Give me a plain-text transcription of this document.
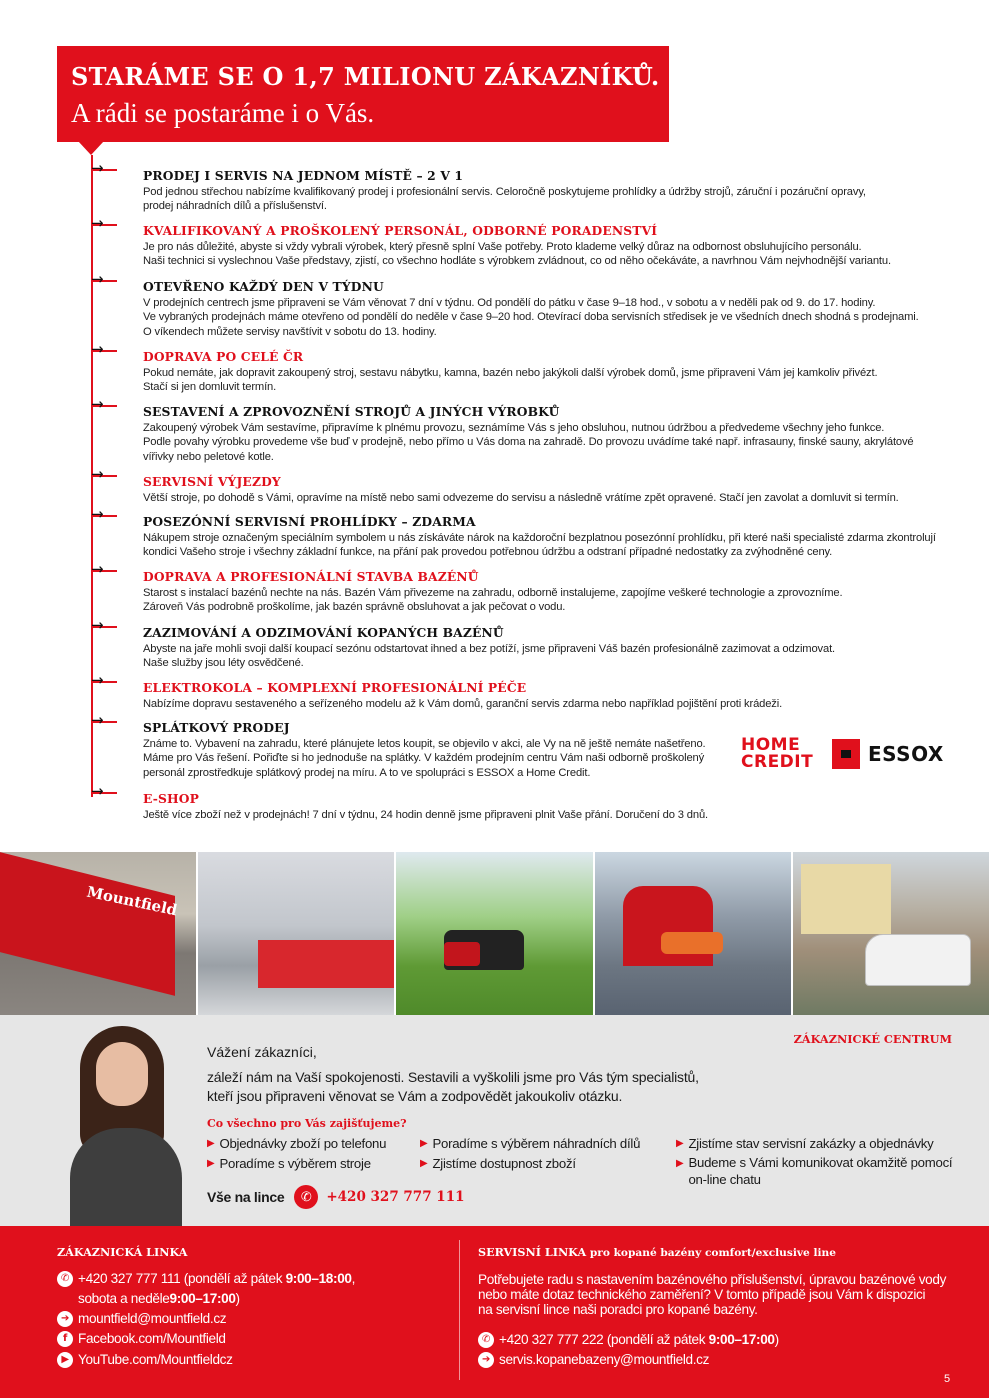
STARÁME SE O 1,7 MILIONU ZÁKAZNÍKŮ.
A rádi se postaráme i o Vás.
→	PRODEJ I SERVIS NA JEDNOM MÍSTĚ – 2 V 1
Pod jednou střechou nabízíme kvalifikovaný prodej i profesionální servis. Celoročně poskytujeme prohlídky a údržby strojů, záruční i pozáruční opravy,
prodej náhradních dílů a příslušenství.
→	KVALIFIKOVANÝ A PROŠKOLENÝ PERSONÁL, ODBORNÉ PORADENSTVÍ
Je pro nás důležité, abyste si vždy vybrali výrobek, který přesně splní Vaše potřeby. Proto klademe velký důraz na odbornost obsluhujícího personálu.
Naši technici si vyslechnou Vaše představy, zjistí, co všechno hodláte s výrobkem zvládnout, co od něho očekáváte, a navrhnou Vám nejvhodnější variantu.
→	OTEVŘENO KAŽDÝ DEN V TÝDNU
V prodejních centrech jsme připraveni se Vám věnovat 7 dní v týdnu. Od pondělí do pátku v čase 9–18 hod., v sobotu a v neděli pak od 9. do 17. hodiny.
Ve vybraných prodejnách máme otevřeno od pondělí do neděle v čase 9–20 hod. Otevírací doba servisních středisek je ve všedních dnech shodná s prodejnami.
O víkendech můžete servisy navštívit v sobotu do 13. hodiny.
→	DOPRAVA PO CELÉ ČR
Pokud nemáte, jak dopravit zakoupený stroj, sestavu nábytku, kamna, bazén nebo jakýkoli další výrobek domů, jsme připraveni Vám jej kamkoliv přivézt.
Stačí si jen domluvit termín.
→	SESTAVENÍ A ZPROVOZNĚNÍ STROJŮ A JINÝCH VÝROBKŮ
Zakoupený výrobek Vám sestavíme, připravíme k plnému provozu, seznámíme Vás s jeho obsluhou, nutnou údržbou a předvedeme všechny jeho funkce.
Podle povahy výrobku provedeme vše buď v prodejně, nebo přímo u Vás doma na zahradě. Do provozu uvádíme také např. infrasauny, finské sauny, akrylátové
vířivky nebo peletové kotle.
→	SERVISNÍ VÝJEZDY
Větší stroje, po dohodě s Vámi, opravíme na místě nebo sami odvezeme do servisu a následně vrátíme zpět opravené. Stačí jen zavolat a domluvit si termín.
→	POSEZÓNNÍ SERVISNÍ PROHLÍDKY – ZDARMA
Nákupem stroje označeným speciálním symbolem u nás získáváte nárok na každoroční bezplatnou posezónní prohlídku, při které naši specialisté zdarma zkontrolují
kondici Vašeho stroje i všechny základní funkce, na přání pak provedou potřebnou údržbu a odstraní případné nedostatky za zvýhodněné ceny.
→	DOPRAVA A PROFESIONÁLNÍ STAVBA BAZÉNŮ
Starost s instalací bazénů nechte na nás. Bazén Vám přivezeme na zahradu, odborně instalujeme, zapojíme veškeré technologie a zprovozníme.
Zároveň Vás podrobně proškolíme, jak bazén správně obsluhovat a jak pečovat o vodu.
→	ZAZIMOVÁNÍ A ODZIMOVÁNÍ KOPANÝCH BAZÉNŮ
Abyste na jaře mohli svoji další koupací sezónu odstartovat ihned a bez potíží, jsme připraveni Váš bazén profesionálně zazimovat a odzimovat.
Naše služby jsou léty osvědčené.
→	ELEKTROKOLA – KOMPLEXNÍ PROFESIONÁLNÍ PÉČE
Nabízíme dopravu sestaveného a seřízeného modelu až k Vám domů, garanční servis zdarma nebo například pojištění proti krádeži.
→	SPLÁTKOVÝ PRODEJ
Známe to. Vybavení na zahradu, které plánujete letos koupit, se objevilo v akci, ale Vy na ně ještě nemáte našetřeno.
Máme pro Vás řešení. Pořiďte si ho jednoduše na splátky. V každém prodejním centru Vám naši odborně proškolený
personál zprostředkuje splátkový prodej na míru. A to ve spolupráci s ESSOX a Home Credit.
→	E-SHOP
Ještě více zboží než v prodejnách! 7 dní v týdnu, 24 hodin denně jsme připraveni plnit Vaše přání. Doručení do 3 dnů.
HOME
CREDIT	ESSOX
Mountfield
ZÁKAZNICKÉ CENTRUM
Vážení zákazníci,
záleží nám na Vaší spokojenosti. Sestavili a vyškolili jsme pro Vás tým specialistů,
kteří jsou připraveni věnovat se Vám a zodpovědět jakoukoliv otázku.
Co všechno pro Vás zajišťujeme?
▶ Objednávky zboží po telefonu
▶ Poradíme s výběrem stroje
▶ Poradíme s výběrem náhradních dílů
▶ Zjistíme dostupnost zboží
▶ Zjistíme stav servisní zakázky a objednávky
▶ Budeme s Vámi komunikovat okamžitě pomocí on-line chatu
Vše na lince	✆	+420 327 777 111
ZÁKAZNICKÁ LINKA
✆ +420 327 777 111 (pondělí až pátek 9:00–18:00,
sobota a neděle 9:00–17:00 )
➔ mountfield@mountfield.cz
f Facebook.com/Mountfield
▶ YouTube.com/Mountfieldcz
SERVISNÍ LINKA pro kopané bazény comfort/exclusive line
Potřebujete radu s nastavením bazénového příslušenství, úpravou bazénové vody
nebo máte dotaz technického zaměření? V tomto případě jsou Vám k dispozici
na servisní lince naši poradci pro kopané bazény.
✆ +420 327 777 222 (pondělí až pátek 9:00–17:00)
➔ servis.kopanebazeny@mountfield.cz
5
